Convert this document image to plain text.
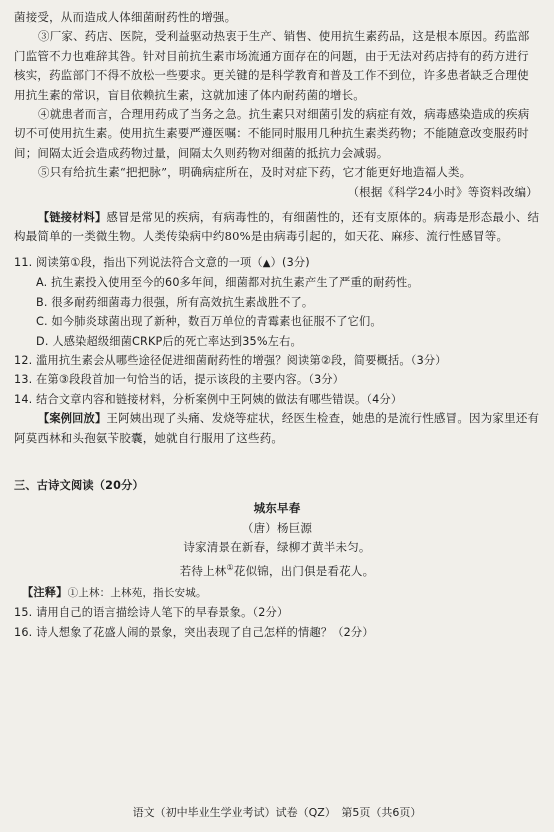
菌接受，从而造成人体细菌耐药性的增强。

③厂家、药店、医院，受利益驱动热衷于生产、销售、使用抗生素药品，这是根本原因。药监部门监管不力也难辞其咎。针对目前抗生素市场流通方面存在的问题，由于无法对药店持有的药方进行核实，药监部门不得不放松一些要求。更关键的是科学教育和普及工作不到位，许多患者缺乏合理使用抗生素的常识，盲目依赖抗生素，这就加速了体内耐药菌的增长。

④就患者而言，合理用药成了当务之急。抗生素只对细菌引发的病症有效，病毒感染造成的疾病切不可使用抗生素。使用抗生素要严遵医嘱：不能同时服用几种抗生素类药物；不能随意改变服药时间；间隔太近会造成药物过量，间隔太久则药物对细菌的抵抗力会减弱。

⑤只有给抗生素“把把脉”，明确病症所在，及时对症下药，它才能更好地造福人类。

（根据《科学24小时》等资料改编）

【链接材料】感冒是常见的疾病，有病毒性的，有细菌性的，还有支原体的。病毒是形态最小、结构最简单的一类微生物。人类传染病中约80%是由病毒引起的，如天花、麻疹、流行性感冒等。

11. 阅读第①段，指出下列说法符合文意的一项（▲）(3分)

A. 抗生素投入使用至今的60多年间，细菌都对抗生素产生了严重的耐药性。

B. 很多耐药细菌毒力很强，所有高效抗生素战胜不了。

C. 如今肺炎球菌出现了新种，数百万单位的青霉素也征服不了它们。

D. 人感染超级细菌CRKP后的死亡率达到35%左右。

12. 滥用抗生素会从哪些途径促进细菌耐药性的增强？阅读第②段，简要概括。（3分）

13. 在第③段段首加一句恰当的话，提示该段的主要内容。（3分）

14. 结合文章内容和链接材料，分析案例中王阿姨的做法有哪些错误。（4分）

【案例回放】王阿姨出现了头痛、发烧等症状，经医生检查，她患的是流行性感冒。因为家里还有阿莫西林和头孢氨苄胶囊，她就自行服用了这些药。

三、古诗文阅读（20分）

城东早春

（唐）杨巨源

诗家清景在新春，绿柳才黄半未匀。

若待上林①花似锦，出门俱是看花人。

【注释】①上林：上林苑，指长安城。

15. 请用自己的语言描绘诗人笔下的早春景象。（2分）

16. 诗人想象了花盛人闹的景象，突出表现了自己怎样的情趣？（2分）

语文（初中毕业生学业考试）试卷（QZ）　第5页（共6页）
